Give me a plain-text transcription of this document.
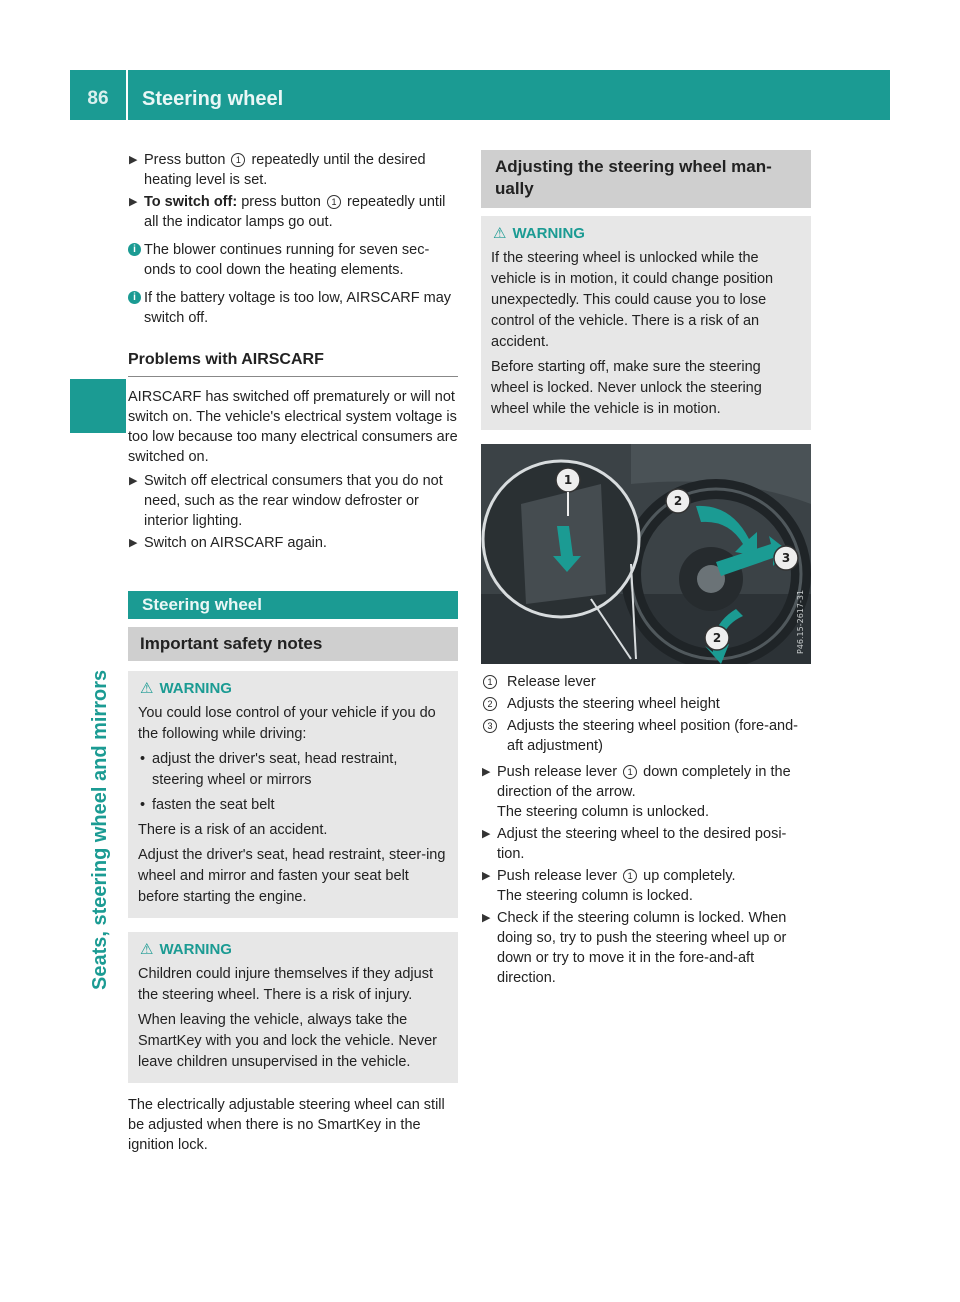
86	Steering wheel
Seats, steering wheel and mirrors
▶ Press button 1 repeatedly until the desired heating level is set.
▶ To switch off: press button 1 repeatedly until all the indicator lamps go out.
i The blower continues running for seven sec-onds to cool down the heating elements.
i If the battery voltage is too low, AIRSCARF may switch off.
Problems with AIRSCARF

AIRSCARF has switched off prematurely or will not switch on. The vehicle's electrical system voltage is too low because too many electrical consumers are switched on.

▶ Switch off electrical consumers that you do not need, such as the rear window defroster or interior lighting.
▶ Switch on AIRSCARF again.
Steering wheel
Important safety notes
⚠ WARNING

You could lose control of your vehicle if you do the following while driving:

• adjust the driver's seat, head restraint, steering wheel or mirrors
• fasten the seat belt

There is a risk of an accident.

Adjust the driver's seat, head restraint, steer-ing wheel and mirror and fasten your seat belt before starting the engine.

⚠ WARNING

Children could injure themselves if they adjust the steering wheel. There is a risk of injury.

When leaving the vehicle, always take the SmartKey with you and lock the vehicle. Never leave children unsupervised in the vehicle.

The electrically adjustable steering wheel can still be adjusted when there is no SmartKey in the ignition lock.

Adjusting the steering wheel man-ually
⚠ WARNING

If the steering wheel is unlocked while the vehicle is in motion, it could change position unexpectedly. This could cause you to lose control of the vehicle. There is a risk of an accident.

Before starting off, make sure the steering wheel is locked. Never unlock the steering wheel while the vehicle is in motion.

1
2
3
2	P46.15-2617-31
1	Release lever
2	Adjusts the steering wheel height
3	Adjusts the steering wheel position (fore-and-aft adjustment)
▶ Push release lever 1 down completely in the direction of the arrow.
The steering column is unlocked.
▶ Adjust the steering wheel to the desired posi-tion.
▶ Push release lever 1 up completely.
The steering column is locked.
▶ Check if the steering column is locked. When doing so, try to push the steering wheel up or down or try to move it in the fore-and-aft direction.
